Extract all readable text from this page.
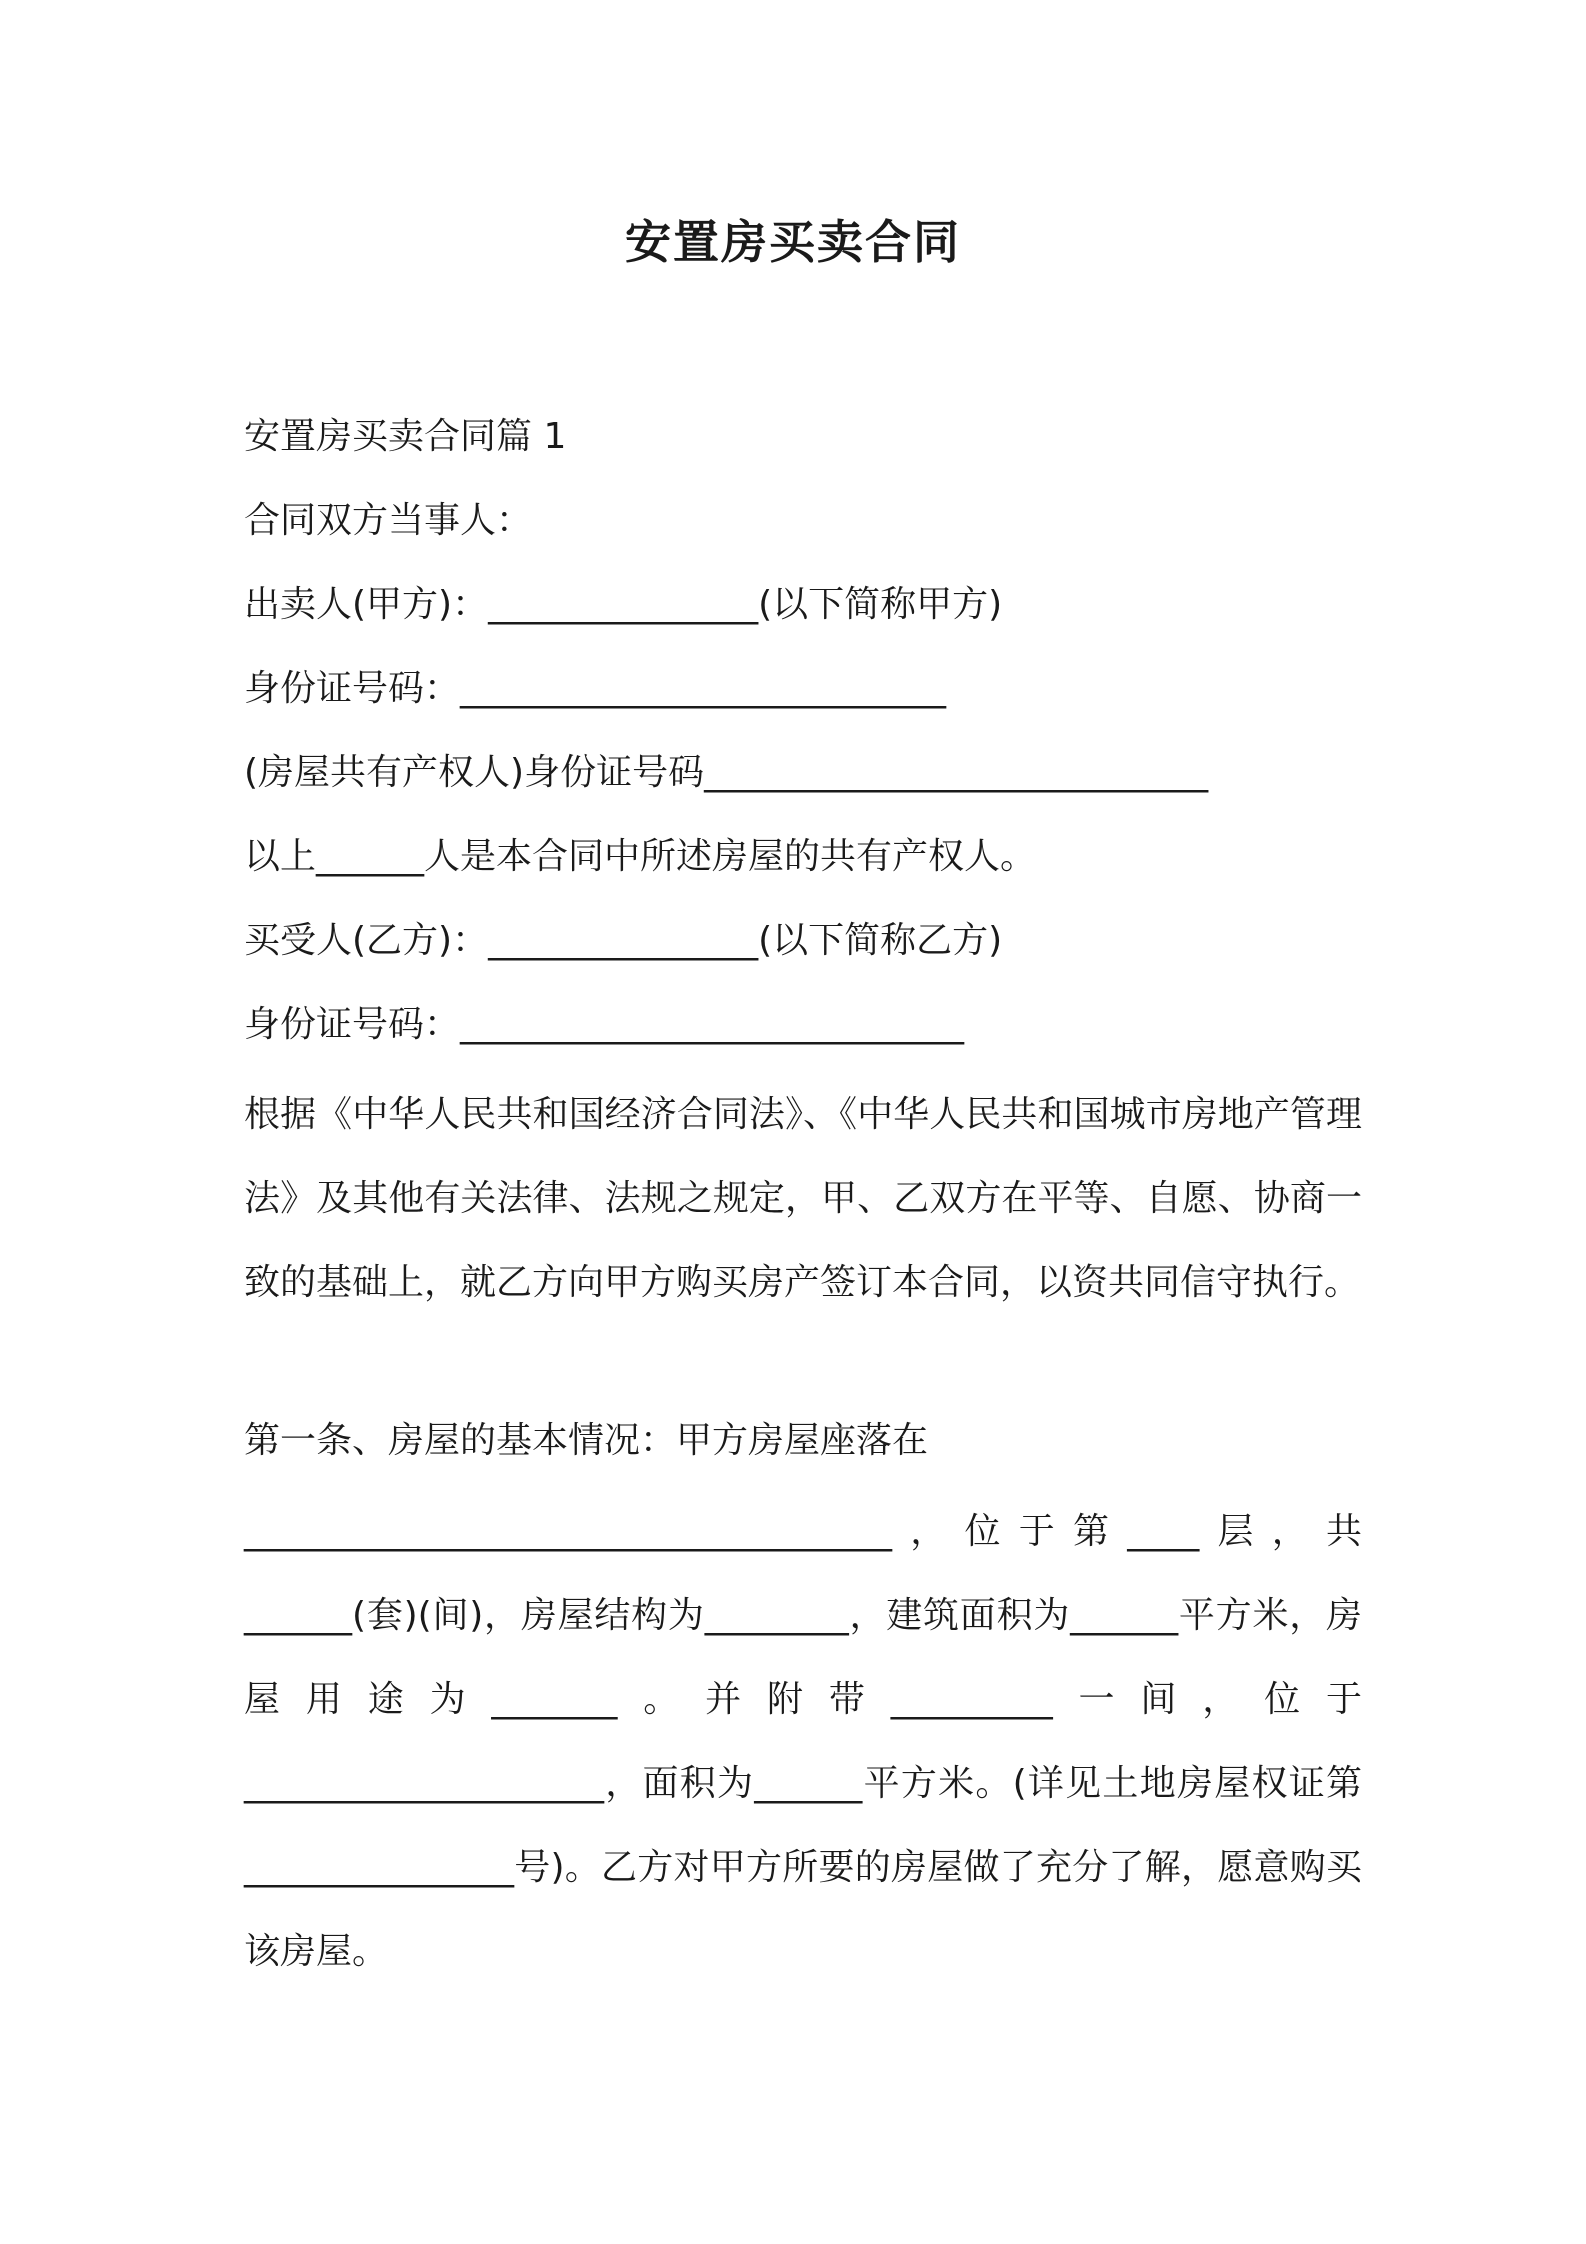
安置房买卖合同
安置房买卖合同篇 1
合同双方当事人：
出卖人(甲方)：_______________(以下简称甲方)
身份证号码：___________________________
(房屋共有产权人)身份证号码____________________________
以上______人是本合同中所述房屋的共有产权人。
买受人(乙方)：_______________(以下简称乙方)
身份证号码：____________________________
根据《中华人民共和国经济合同法》、《中华人民共和国城市房地产管理法》及其他有关法律、法规之规定，甲、乙双方在平等、自愿、协商一致的基础上，就乙方向甲方购买房产签订本合同，以资共同信守执行。
第一条、房屋的基本情况：甲方房屋座落在
____________________________________，位于第____层，共______(套)(间)，房屋结构为________，建筑面积为______平方米，房屋用途为_______。并附带_________一间，位于____________________，面积为______平方米。(详见土地房屋权证第_______________号)。乙方对甲方所要的房屋做了充分了解，愿意购买该房屋。
